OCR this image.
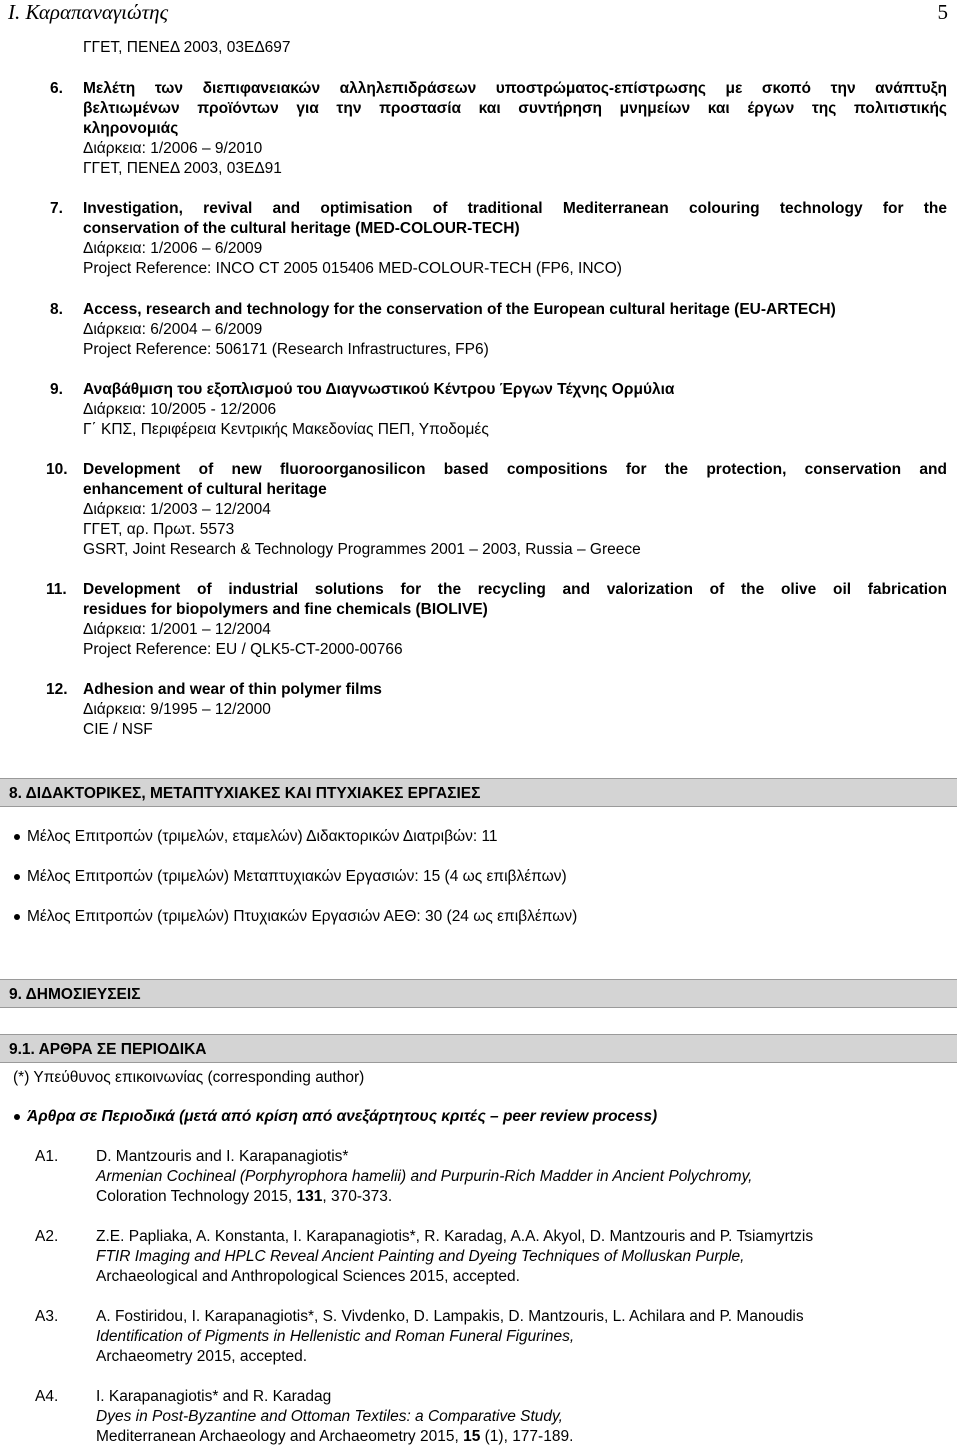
Ι. Καραπαναγιώτης	5
ΓΓΕΤ, ΠΕΝΕΔ 2003, 03ΕΔ697
6. Μελέτη των διεπιφανειακών αλληλεπιδράσεων υποστρώματος-επίστρωσης με σκοπό την ανάπτυξη
βελτιωμένων προϊόντων για την προστασία και συντήρηση μνημείων και έργων της πολιτιστικής
κληρονομιάς
Διάρκεια: 1/2006 – 9/2010
ΓΓΕΤ, ΠΕΝΕΔ 2003, 03ΕΔ91
7. Investigation, revival and optimisation of traditional Mediterranean colouring technology for the
conservation of the cultural heritage (MED-COLOUR-TECH)
Διάρκεια: 1/2006 – 6/2009
Project Reference: INCO CT 2005 015406 MED-COLOUR-TECH (FP6, INCO)
8. Access, research and technology for the conservation of the European cultural heritage (EU-ARTECH)
Διάρκεια: 6/2004 – 6/2009
Project Reference: 506171 (Research Infrastructures, FP6)
9. Αναβάθμιση του εξοπλισμού του Διαγνωστικού Κέντρου Έργων Τέχνης Ορμύλια
Διάρκεια: 10/2005 - 12/2006
Γ΄ ΚΠΣ, Περιφέρεια Κεντρικής Μακεδονίας ΠΕΠ, Υποδομές
10. Development of new fluoroorganosilicon based compositions for the protection, conservation and
enhancement of cultural heritage
Διάρκεια: 1/2003 – 12/2004
ΓΓΕΤ, αρ. Πρωτ. 5573
GSRT, Joint Research & Technology Programmes 2001 – 2003, Russia – Greece
11. Development of industrial solutions for the recycling and valorization of the olive oil fabrication
residues for biopolymers and fine chemicals (BIOLIVE)
Διάρκεια: 1/2001 – 12/2004
Project Reference: EU / QLK5-CT-2000-00766
12. Adhesion and wear of thin polymer films
Διάρκεια: 9/1995 – 12/2000
CIE / NSF
8. ΔΙΔΑΚΤΟΡΙΚΕΣ, ΜΕΤΑΠΤΥΧΙΑΚΕΣ ΚΑΙ ΠΤΥΧΙΑΚΕΣ ΕΡΓΑΣΙΕΣ
Μέλος Επιτροπών (τριμελών, εταμελών) Διδακτορικών Διατριβών: 11
Μέλος Επιτροπών (τριμελών) Μεταπτυχιακών Εργασιών: 15 (4 ως επιβλέπων)
Μέλος Επιτροπών (τριμελών) Πτυχιακών Εργασιών ΑΕΘ: 30 (24 ως επιβλέπων)
9. ΔΗΜΟΣΙΕΥΣΕΙΣ
9.1. ΑΡΘΡΑ ΣΕ ΠΕΡΙΟΔΙΚΑ
(*) Υπεύθυνος επικοινωνίας (corresponding author)
Άρθρα σε Περιοδικά (μετά από κρίση από ανεξάρτητους κριτές – peer review process)
A1. D. Mantzouris and I. Karapanagiotis*
Armenian Cochineal (Porphyrophora hamelii) and Purpurin-Rich Madder in Ancient Polychromy,
Coloration Technology 2015, 131, 370-373.
A2. Z.E. Papliaka, A. Konstanta, I. Karapanagiotis*, R. Karadag, A.A. Akyol, D. Mantzouris and P. Tsiamyrtzis
FTIR Imaging and HPLC Reveal Ancient Painting and Dyeing Techniques of Molluskan Purple,
Archaeological and Anthropological Sciences 2015, accepted.
A3. A. Fostiridou, I. Karapanagiotis*, S. Vivdenko, D. Lampakis, D. Mantzouris, L. Achilara and P. Manoudis
Identification of Pigments in Hellenistic and Roman Funeral Figurines,
Archaeometry 2015, accepted.
A4. I. Karapanagiotis* and R. Karadag
Dyes in Post-Byzantine and Ottoman Textiles: a Comparative Study,
Mediterranean Archaeology and Archaeometry 2015, 15 (1), 177-189.
